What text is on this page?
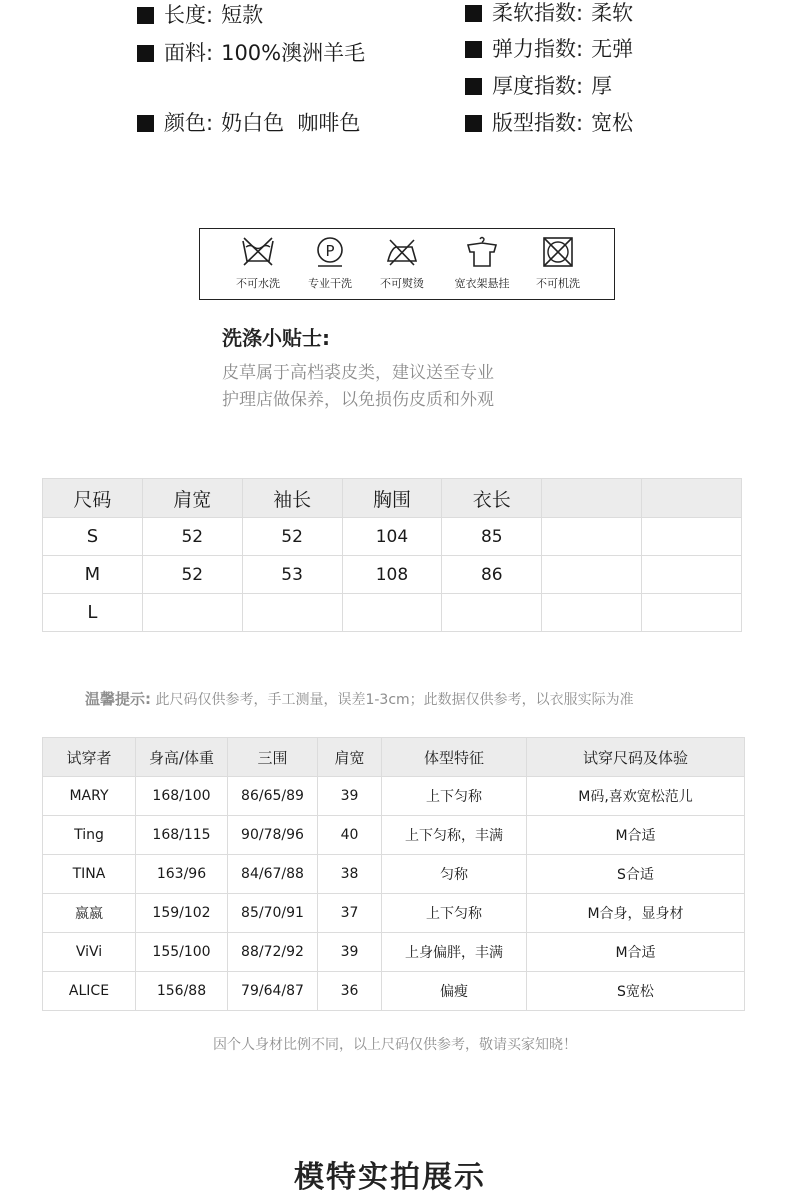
长度: 短款
面料: 100%澳洲羊毛
颜色: 奶白色  咖啡色
柔软指数: 柔软
弹力指数: 无弹
厚度指数: 厚
版型指数: 宽松
不可水洗
P
专业干洗	不可熨烫	宽衣架悬挂	不可机洗
洗涤小贴士:
皮草属于高档裘皮类，建议送至专业
护理店做保养，以免损伤皮质和外观
尺码	肩宽	袖长	胸围	衣长		
S	52	52	104	85		
M	52	53	108	86		
L						
温馨提示: 此尺码仅供参考，手工测量，误差1-3cm；此数据仅供参考，以衣服实际为准
试穿者	身高/体重	三围	肩宽	体型特征	试穿尺码及体验
MARY	168/100	86/65/89	39	上下匀称	M码,喜欢宽松范儿
Ting	168/115	90/78/96	40	上下匀称，丰满	M合适
TINA	163/96	84/67/88	38	匀称	S合适
嬴嬴	159/102	85/70/91	37	上下匀称	M合身，显身材
ViVi	155/100	88/72/92	39	上身偏胖，丰满	M合适
ALICE	156/88	79/64/87	36	偏瘦	S宽松
因个人身材比例不同，以上尺码仅供参考，敬请买家知晓！
模特实拍展示
